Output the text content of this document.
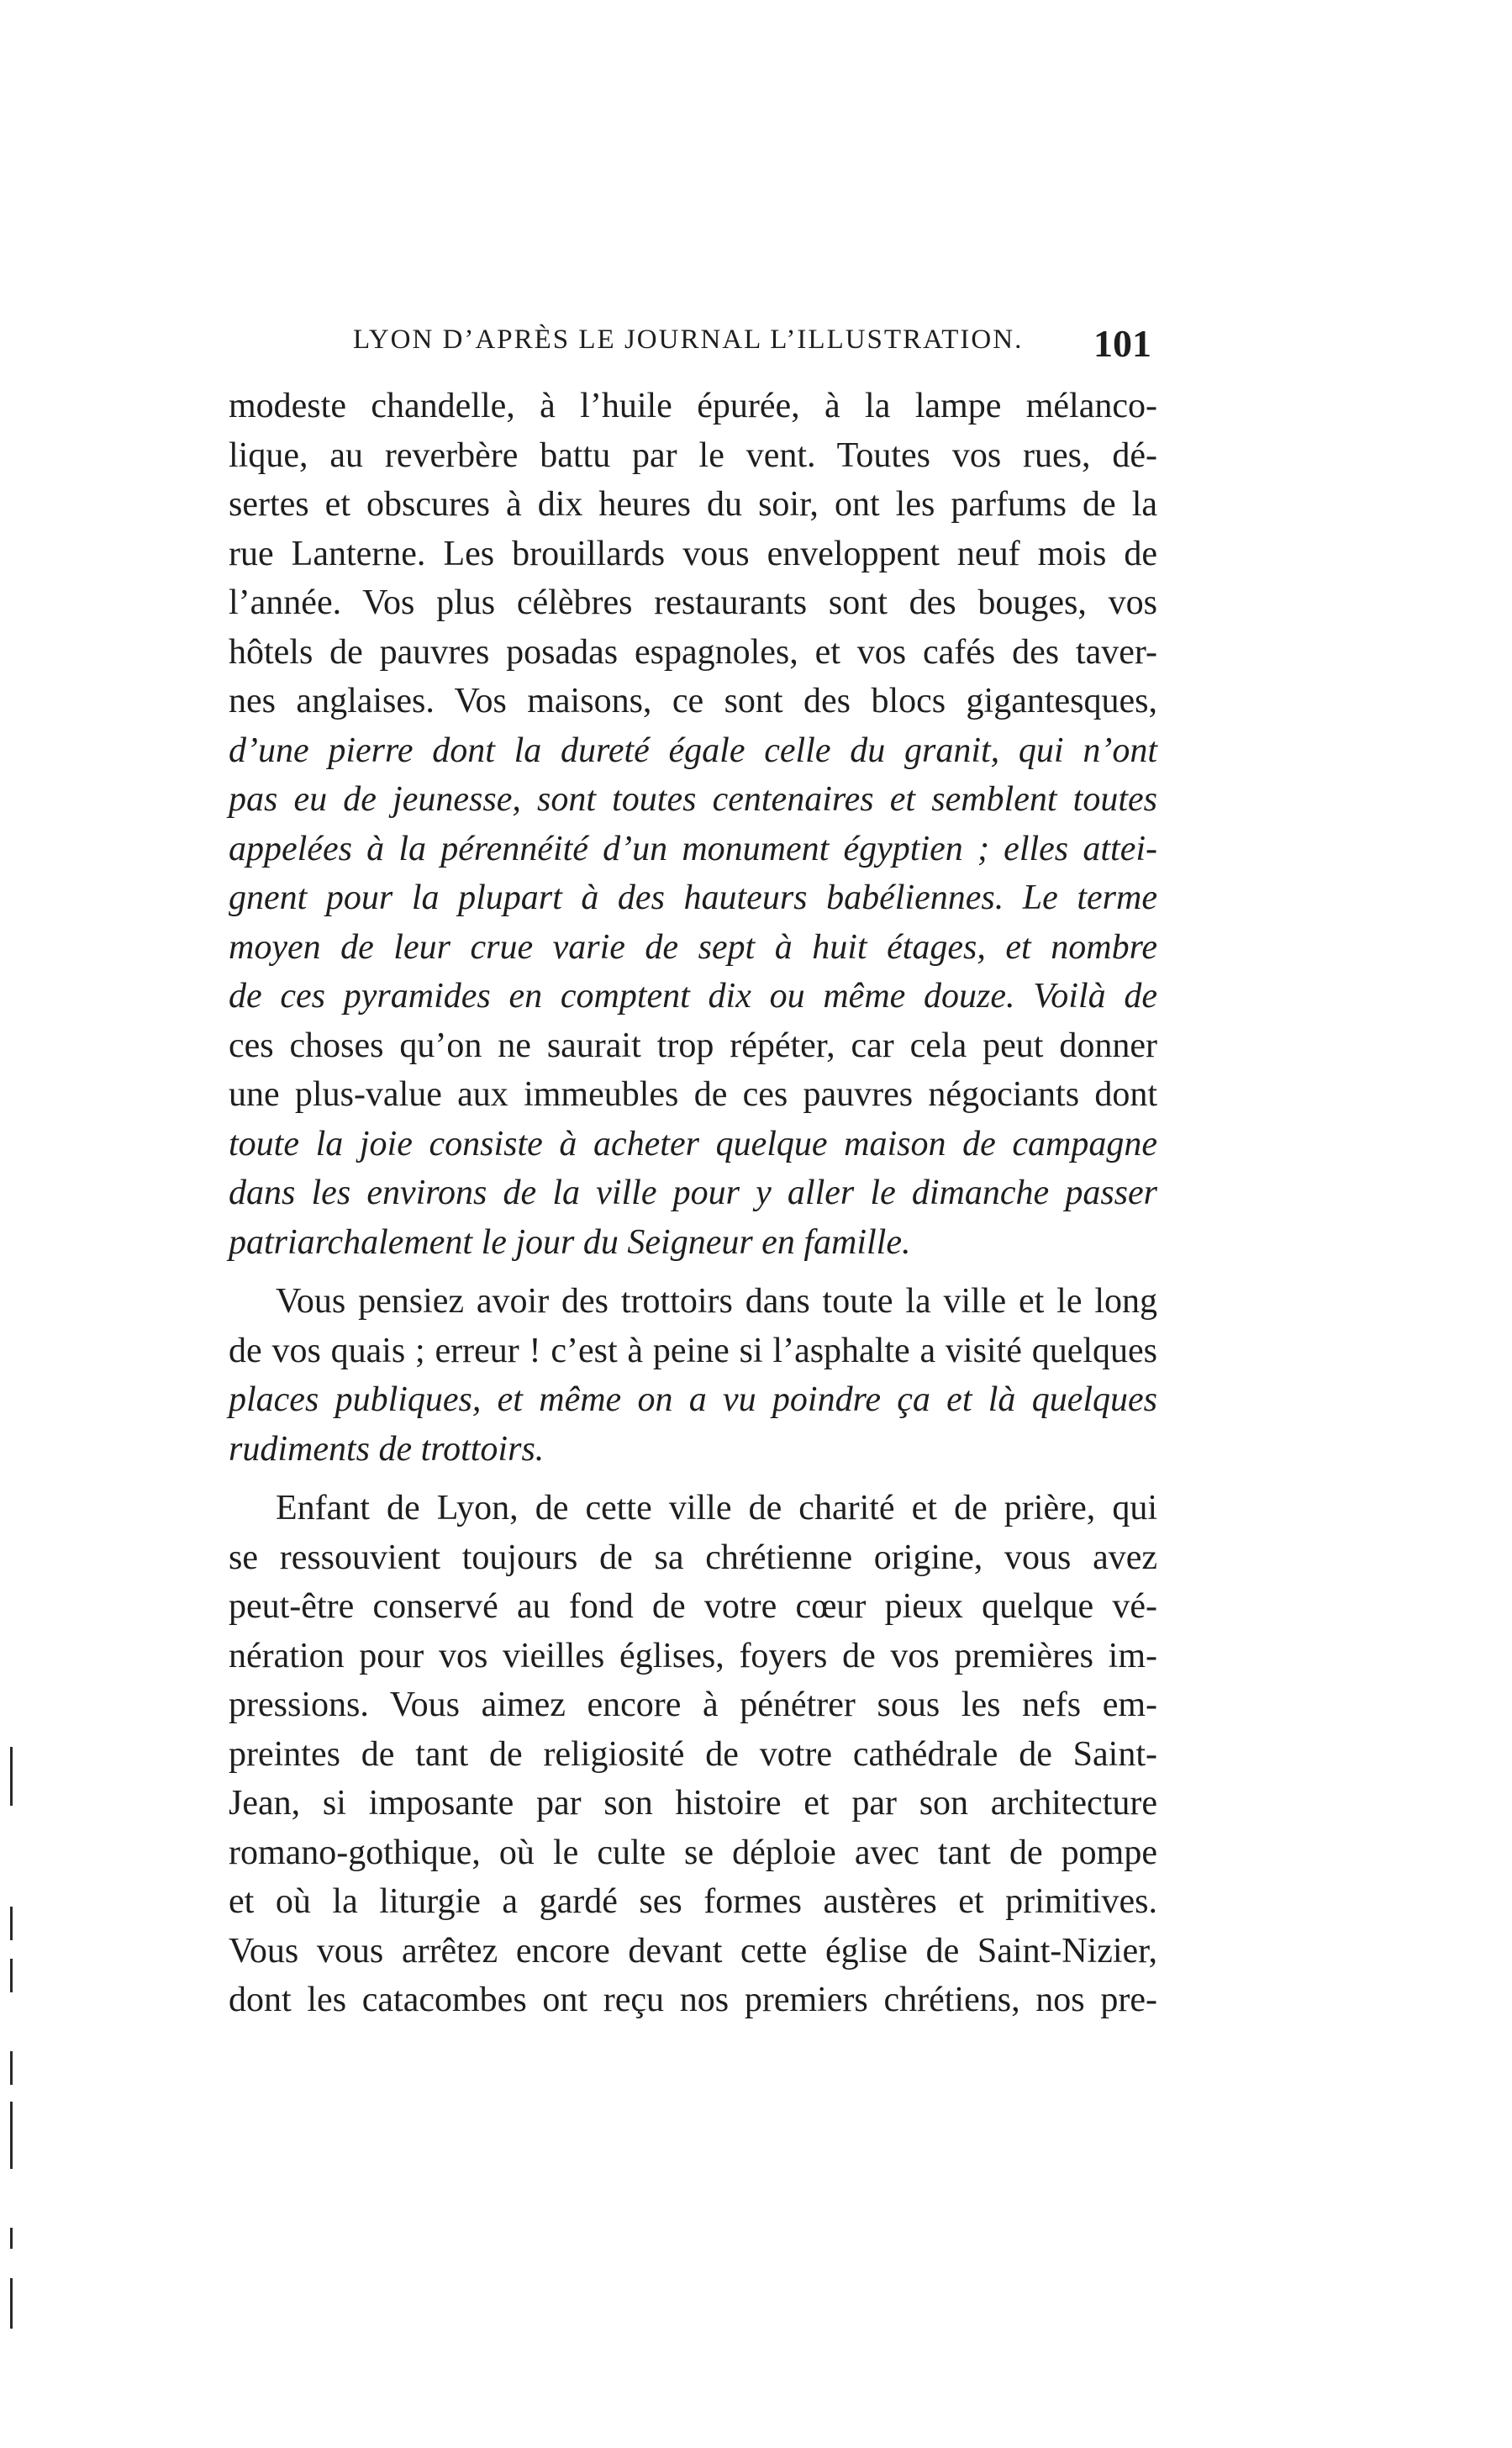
LYON D’APRÈS LE JOURNAL L’ILLUSTRATION. 101
modeste chandelle, à l’huile épurée, à la lampe mélanco-
lique, au reverbère battu par le vent. Toutes vos rues, dé-
sertes et obscures à dix heures du soir, ont les parfums de la
rue Lanterne. Les brouillards vous enveloppent neuf mois de
l’année. Vos plus célèbres restaurants sont des bouges, vos
hôtels de pauvres posadas espagnoles, et vos cafés des taver-
nes anglaises. Vos maisons, ce sont des blocs gigantesques,
d’une pierre dont la dureté égale celle du granit, qui n’ont
pas eu de jeunesse, sont toutes centenaires et semblent toutes
appelées à la pérennéité d’un monument égyptien ; elles attei-
gnent pour la plupart à des hauteurs babéliennes. Le terme
moyen de leur crue varie de sept à huit étages, et nombre
de ces pyramides en comptent dix ou même douze. Voilà de
ces choses qu’on ne saurait trop répéter, car cela peut donner
une plus-value aux immeubles de ces pauvres négociants dont
toute la joie consiste à acheter quelque maison de campagne
dans les environs de la ville pour y aller le dimanche passer
patriarchalement le jour du Seigneur en famille.
Vous pensiez avoir des trottoirs dans toute la ville et le long
de vos quais ; erreur ! c’est à peine si l’asphalte a visité quelques
places publiques, et même on a vu poindre ça et là quelques
rudiments de trottoirs.
Enfant de Lyon, de cette ville de charité et de prière, qui
se ressouvient toujours de sa chrétienne origine, vous avez
peut-être conservé au fond de votre cœur pieux quelque vé-
nération pour vos vieilles églises, foyers de vos premières im-
pressions. Vous aimez encore à pénétrer sous les nefs em-
preintes de tant de religiosité de votre cathédrale de Saint-
Jean, si imposante par son histoire et par son architecture
romano-gothique, où le culte se déploie avec tant de pompe
et où la liturgie a gardé ses formes austères et primitives.
Vous vous arrêtez encore devant cette église de Saint-Nizier,
dont les catacombes ont reçu nos premiers chrétiens, nos pre-
